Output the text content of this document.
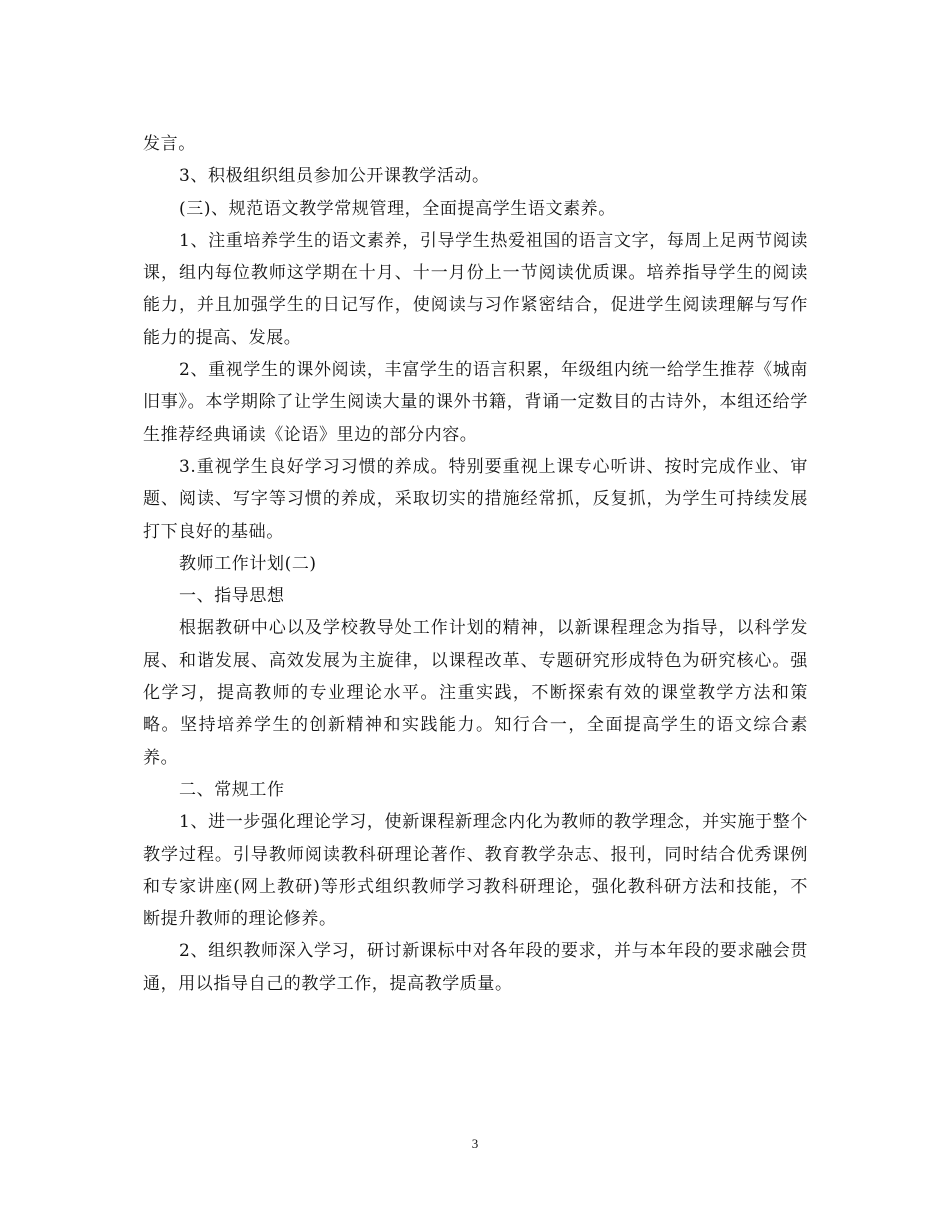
发言。

3、积极组织组员参加公开课教学活动。

(三)、规范语文教学常规管理，全面提高学生语文素养。

1、注重培养学生的语文素养，引导学生热爱祖国的语言文字，每周上足两节阅读课，组内每位教师这学期在十月、十一月份上一节阅读优质课。培养指导学生的阅读能力，并且加强学生的日记写作，使阅读与习作紧密结合，促进学生阅读理解与写作能力的提高、发展。

2、重视学生的课外阅读，丰富学生的语言积累，年级组内统一给学生推荐《城南旧事》。本学期除了让学生阅读大量的课外书籍，背诵一定数目的古诗外，本组还给学生推荐经典诵读《论语》里边的部分内容。

3.重视学生良好学习习惯的养成。特别要重视上课专心听讲、按时完成作业、审题、阅读、写字等习惯的养成，采取切实的措施经常抓，反复抓，为学生可持续发展打下良好的基础。

教师工作计划(二)

一、指导思想

根据教研中心以及学校教导处工作计划的精神，以新课程理念为指导，以科学发展、和谐发展、高效发展为主旋律，以课程改革、专题研究形成特色为研究核心。强化学习，提高教师的专业理论水平。注重实践，不断探索有效的课堂教学方法和策略。坚持培养学生的创新精神和实践能力。知行合一，全面提高学生的语文综合素养。

二、常规工作

1、进一步强化理论学习，使新课程新理念内化为教师的教学理念，并实施于整个教学过程。引导教师阅读教科研理论著作、教育教学杂志、报刊，同时结合优秀课例和专家讲座(网上教研)等形式组织教师学习教科研理论，强化教科研方法和技能，不断提升教师的理论修养。

2、组织教师深入学习，研讨新课标中对各年段的要求，并与本年段的要求融会贯通，用以指导自己的教学工作，提高教学质量。

3
